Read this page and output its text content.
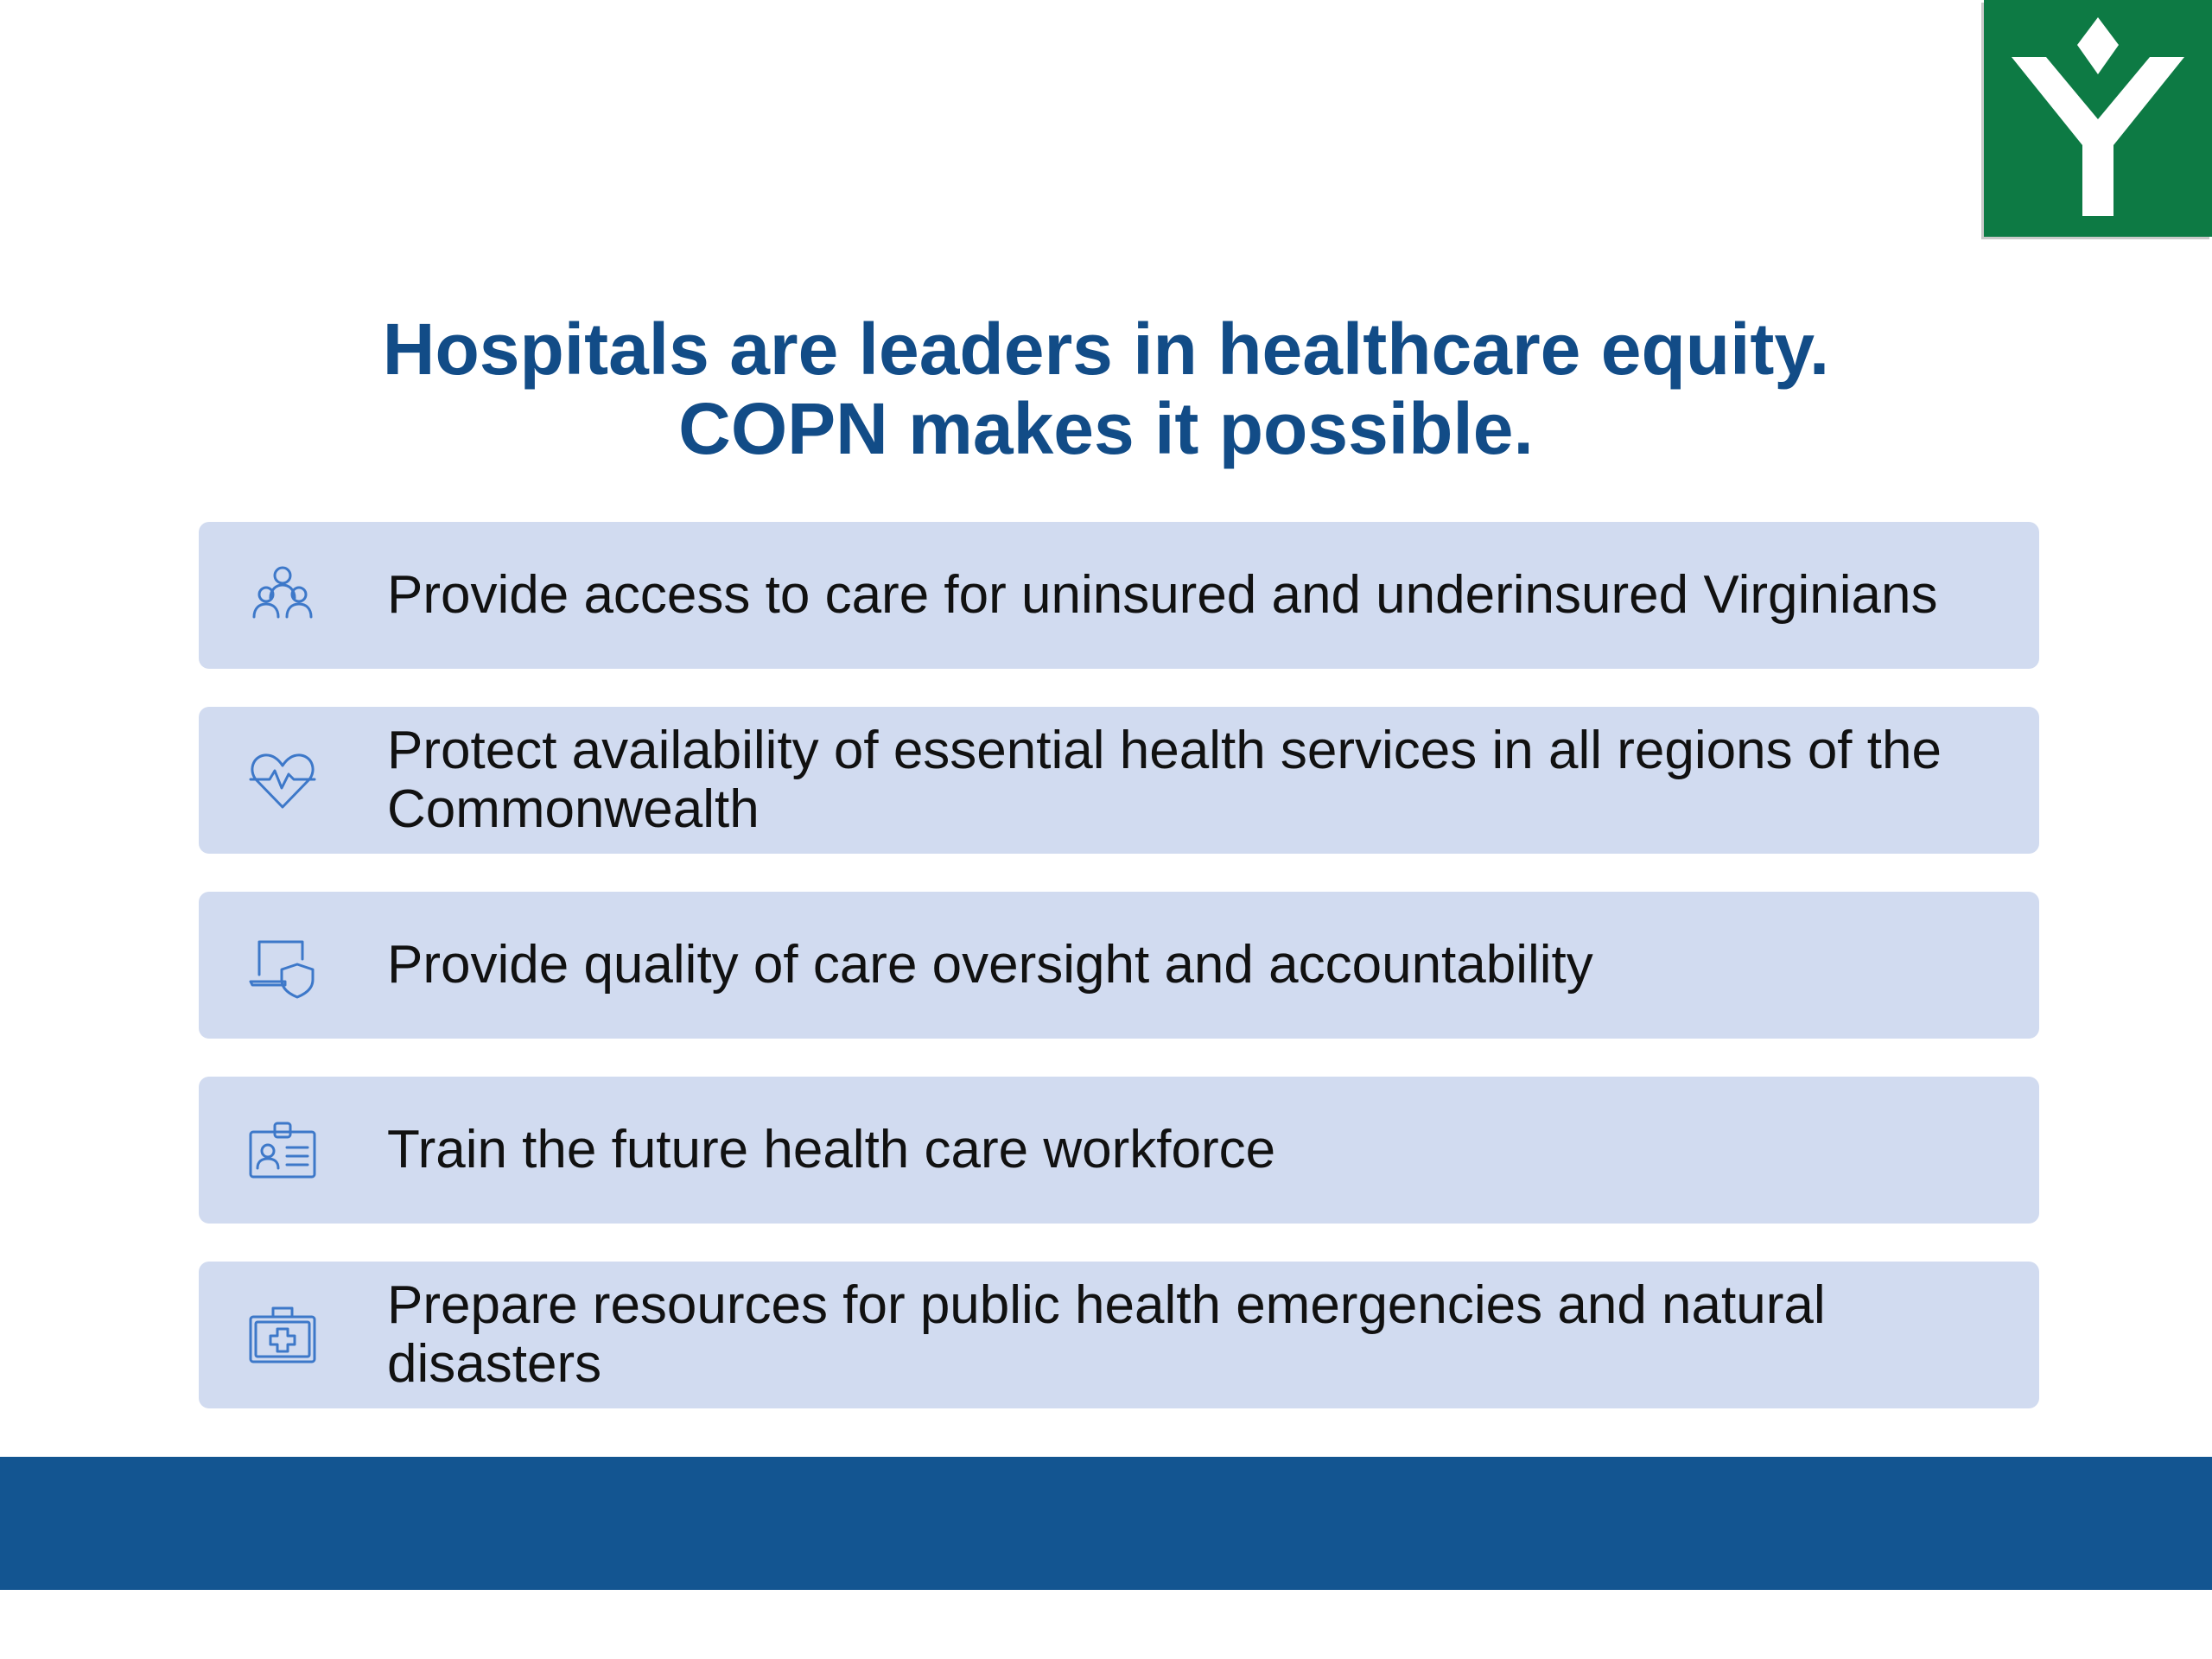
Hospitals are leaders in healthcare equity.
COPN makes it possible.
Provide access to care for uninsured and underinsured Virginians
Protect availability of essential health services in all regions of the Commonwealth
Provide quality of care oversight and accountability
Train the future health care workforce
Prepare resources for public health emergencies and natural disasters
